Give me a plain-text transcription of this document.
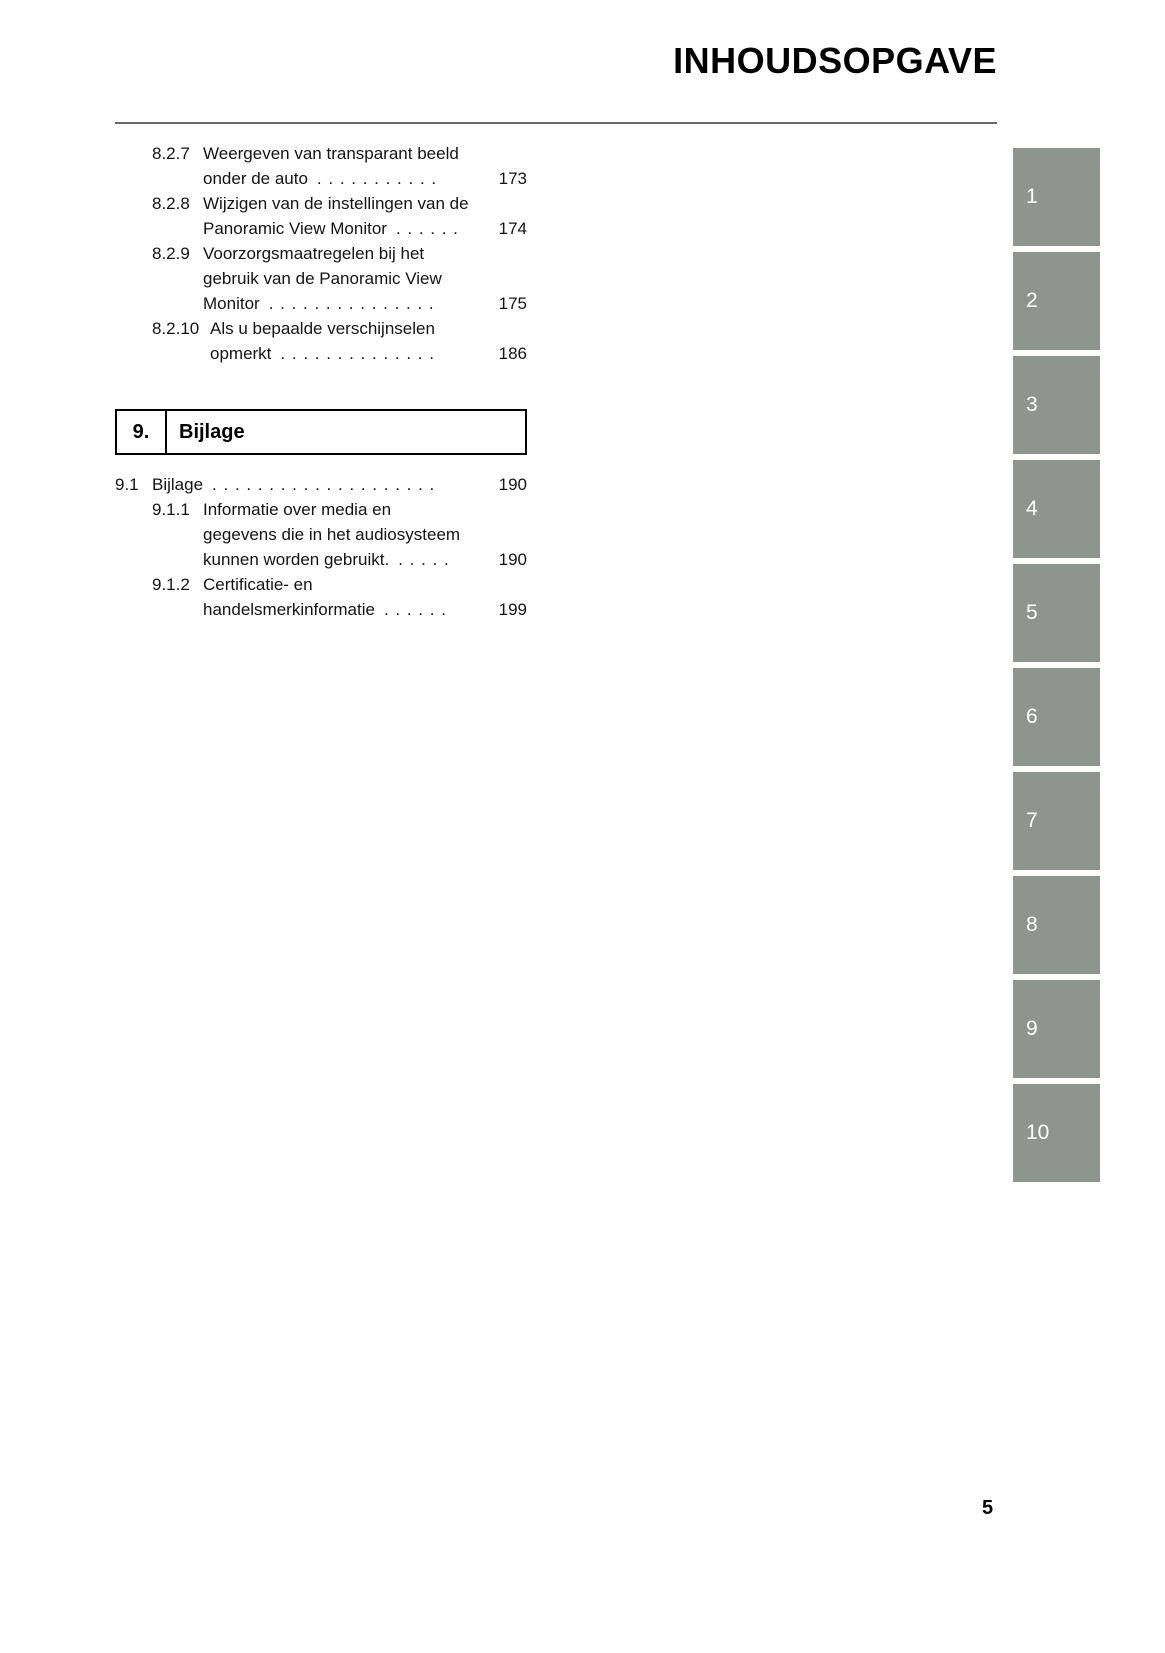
INHOUDSOPGAVE
8.2.7 Weergeven van transparant beeld
onder de auto . . . . . . . . . . .	173
8.2.8 Wijzigen van de instellingen van de
Panoramic View Monitor . . . . . .	174
8.2.9 Voorzorgsmaatregelen bij het
gebruik van de Panoramic View
Monitor . . . . . . . . . . . . . . .	175
8.2.10 Als u bepaalde verschijnselen
opmerkt . . . . . . . . . . . . . .	186
9.	Bijlage
9.1 Bijlage . . . . . . . . . . . . . . . . . . . .	190
9.1.1 Informatie over media en
gegevens die in het audiosysteem
kunnen worden gebruikt. . . . . .	190
9.1.2 Certificatie- en
handelsmerkinformatie . . . . . .	199
1
2
3
4
5
6
7
8
9
10
5
